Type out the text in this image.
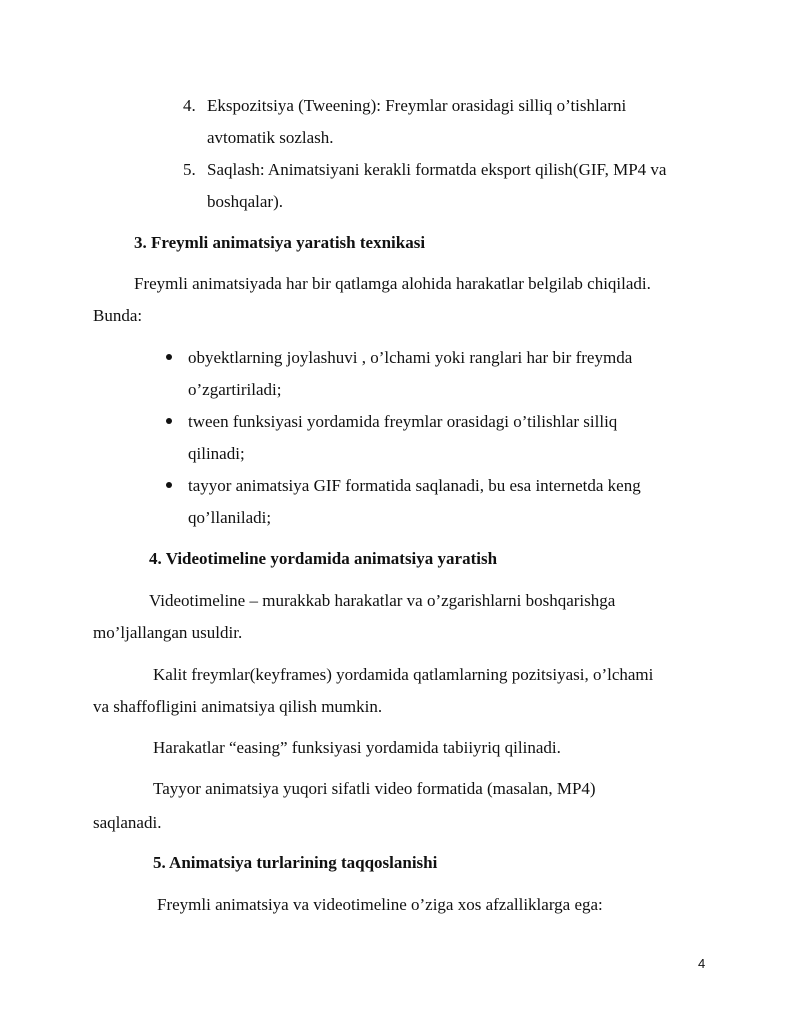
4. Ekspozitsiya (Tweening): Freymlar orasidagi silliq o’tishlarni
avtomatik sozlash.
5. Saqlash: Animatsiyani kerakli formatda eksport qilish(GIF, MP4 va
boshqalar).
3. Freymli animatsiya yaratish texnikasi
Freymli animatsiyada har bir qatlamga alohida harakatlar belgilab chiqiladi.
Bunda:
obyektlarning joylashuvi , o’lchami yoki ranglari har bir freymda
o’zgartiriladi;
tween funksiyasi yordamida freymlar orasidagi o’tilishlar silliq
qilinadi;
tayyor animatsiya GIF formatida saqlanadi, bu esa internetda keng
qo’llaniladi;
4. Videotimeline yordamida animatsiya yaratish
Videotimeline – murakkab harakatlar va o’zgarishlarni boshqarishga
mo’ljallangan usuldir.
Kalit freymlar(keyframes) yordamida qatlamlarning pozitsiyasi, o’lchami
va shaffofligini animatsiya qilish mumkin.
Harakatlar “easing” funksiyasi yordamida tabiiyriq qilinadi.
Tayyor animatsiya yuqori sifatli video formatida (masalan, MP4)
saqlanadi.
5. Animatsiya turlarining taqqoslanishi
Freymli animatsiya va videotimeline o’ziga xos afzalliklarga ega:
4
